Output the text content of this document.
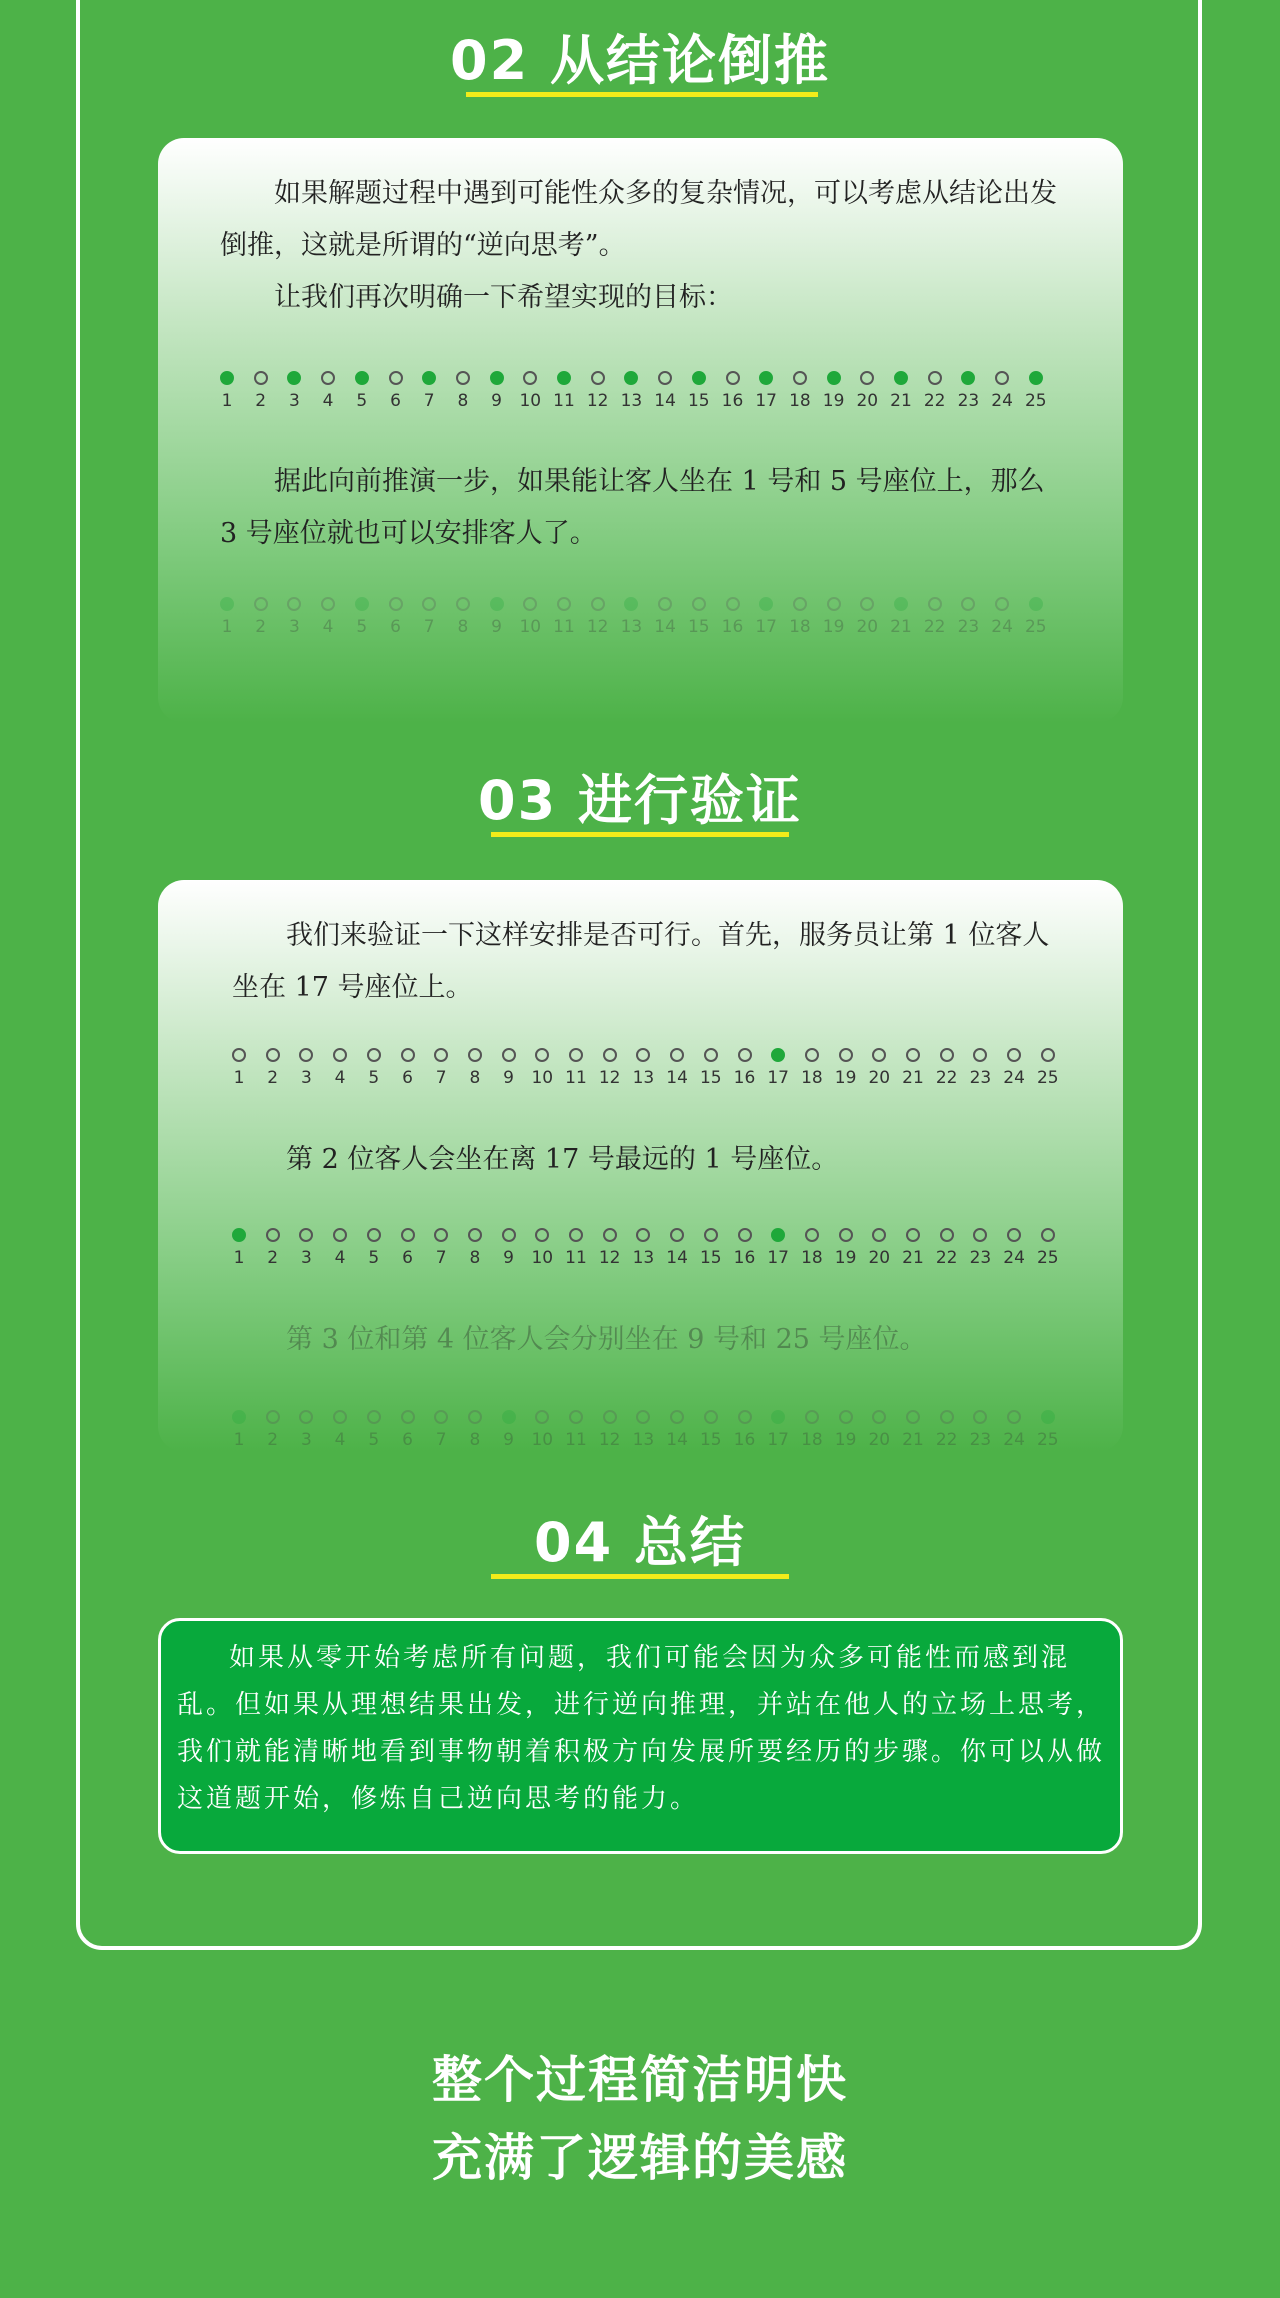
02 从结论倒推

如果解题过程中遇到可能性众多的复杂情况，可以考虑从结论出发倒推，这就是所谓的“逆向思考”。

让我们再次明确一下希望实现的目标：

1	2	3	4	5	6	7	8	9	10 11 12 13 14 15 16 17 18 19 20 21 22 23 24 25

据此向前推演一步，如果能让客人坐在 1 号和 5 号座位上，那么 3 号座位就也可以安排客人了。

1	2	3	4	5	6	7	8	9	10 11 12 13 14 15 16 17 18 19 20 21 22 23 24 25
03 进行验证

我们来验证一下这样安排是否可行。首先，服务员让第 1 位客人坐在 17 号座位上。

1	2	3	4	5	6	7	8	9	10 11 12 13 14 15 16 17 18 19 20 21 22 23 24 25

第 2 位客人会坐在离 17 号最远的 1 号座位。

1	2	3	4	5	6	7	8	9	10 11 12 13 14 15 16 17 18 19 20 21 22 23 24 25

第 3 位和第 4 位客人会分别坐在 9 号和 25 号座位。

1	2	3	4	5	6	7	8	9	10 11 12 13 14 15 16 17 18 19 20 21 22 23 24 25
04 总结

如果从零开始考虑所有问题，我们可能会因为众多可能性而感到混乱。但如果从理想结果出发，进行逆向推理，并站在他人的立场上思考，我们就能清晰地看到事物朝着积极方向发展所要经历的步骤。你可以从做这道题开始，修炼自己逆向思考的能力。

整个过程简洁明快
充满了逻辑的美感
